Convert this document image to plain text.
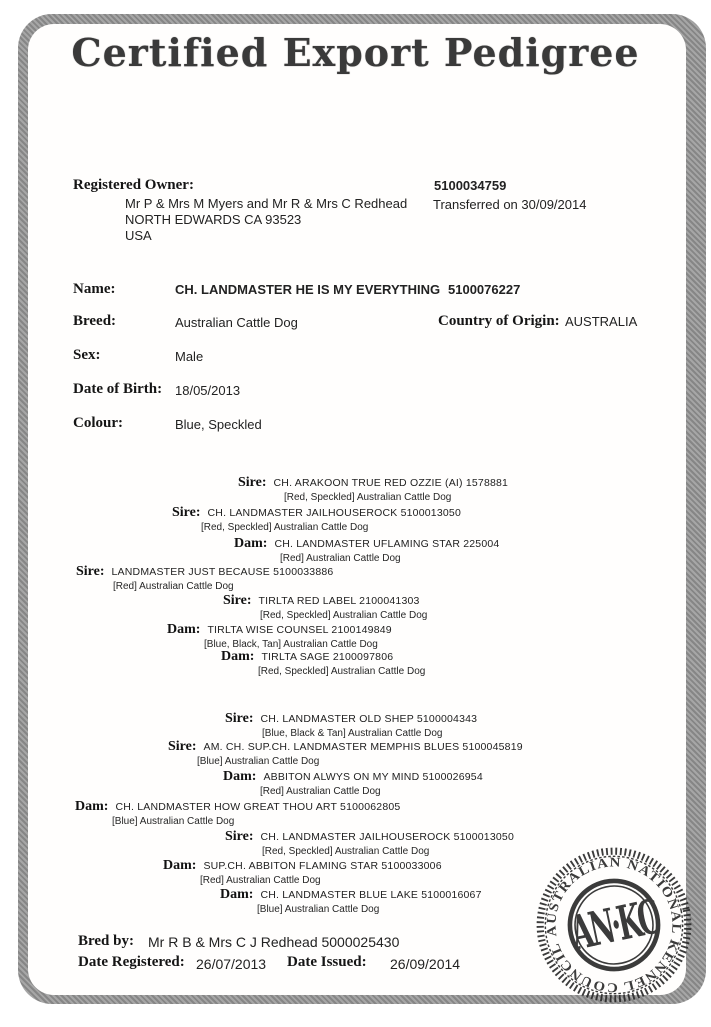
Certified Export Pedigree
Registered Owner:
Mr P & Mrs M Myers and Mr R & Mrs C Redhead
NORTH EDWARDS CA 93523
USA
5100034759
Transferred on 30/09/2014
Name:	CH. LANDMASTER HE IS MY EVERYTHING 5100076227
Breed:	Australian Cattle Dog	Country of Origin: AUSTRALIA
Sex:	Male
Date of Birth: 18/05/2013
Colour:	Blue, Speckled
Sire: CH. ARAKOON TRUE RED OZZIE (AI) 1578881
[Red, Speckled] Australian Cattle Dog
Sire: CH. LANDMASTER JAILHOUSEROCK 5100013050
[Red, Speckled] Australian Cattle Dog
Dam: CH. LANDMASTER UFLAMING STAR 225004
[Red] Australian Cattle Dog
Sire: LANDMASTER JUST BECAUSE 5100033886
[Red] Australian Cattle Dog
Sire: TIRLTA RED LABEL 2100041303
[Red, Speckled] Australian Cattle Dog
Dam: TIRLTA WISE COUNSEL 2100149849
[Blue, Black, Tan] Australian Cattle Dog
Dam: TIRLTA SAGE 2100097806
[Red, Speckled] Australian Cattle Dog
Sire: CH. LANDMASTER OLD SHEP 5100004343
[Blue, Black & Tan] Australian Cattle Dog
Sire: AM. CH. SUP.CH. LANDMASTER MEMPHIS BLUES 5100045819
[Blue] Australian Cattle Dog
Dam: ABBITON ALWYS ON MY MIND 5100026954
[Red] Australian Cattle Dog
Dam: CH. LANDMASTER HOW GREAT THOU ART 5100062805
[Blue] Australian Cattle Dog
Sire: CH. LANDMASTER JAILHOUSEROCK 5100013050
[Red, Speckled] Australian Cattle Dog
Dam: SUP.CH. ABBITON FLAMING STAR 5100033006
[Red] Australian Cattle Dog
Dam: CH. LANDMASTER BLUE LAKE 5100016067
[Blue] Australian Cattle Dog
Bred by: Mr R B & Mrs C J Redhead 5000025430
Date Registered: 26/07/2013 Date Issued: 26/09/2014
AUSTRALIAN NATIONAL KENNEL COUNCIL AN·KC
